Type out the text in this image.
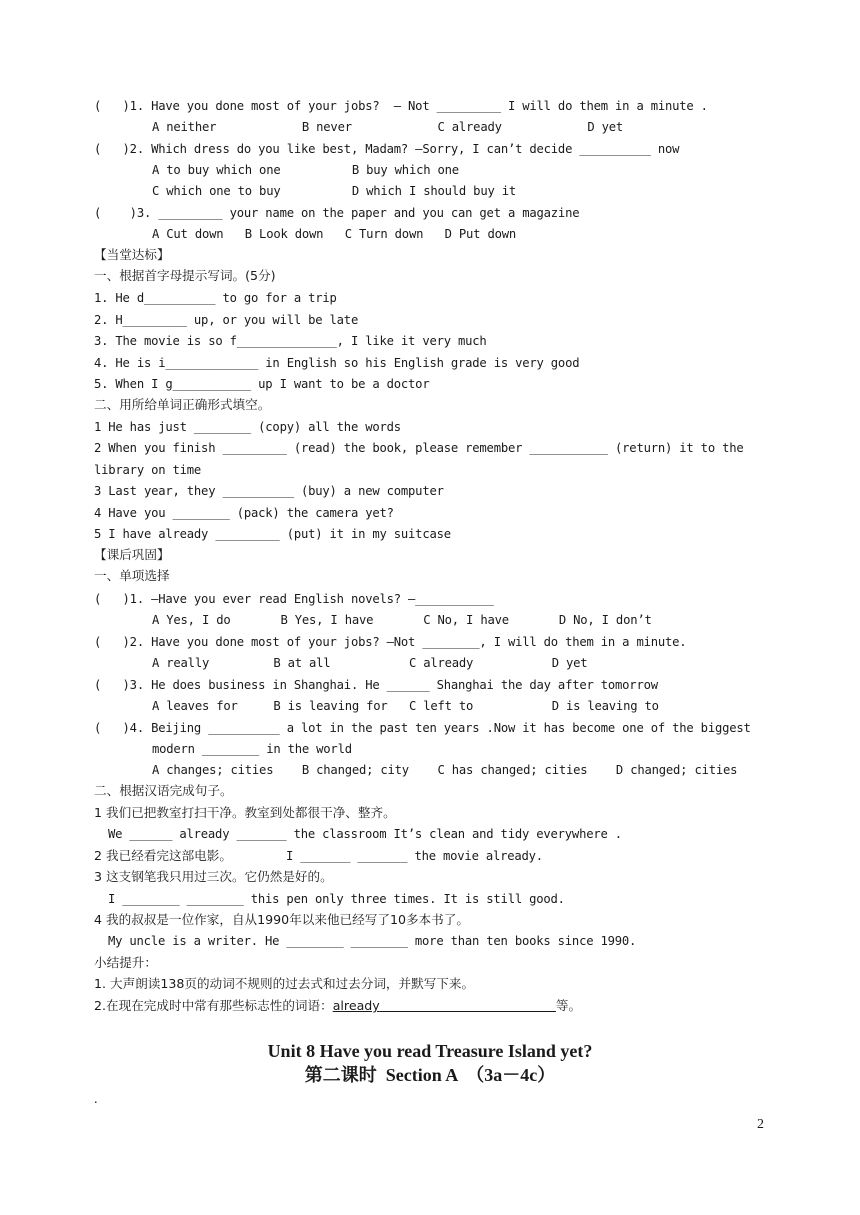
(   )1. Have you done most of your jobs?  — Not _________ I will do them in a minute .
A neither            B never            C already            D yet
(   )2. Which dress do you like best, Madam? —Sorry, I can’t decide __________ now
A to buy which one          B buy which one
C which one to buy          D which I should buy it
(    )3. _________ your name on the paper and you can get a magazine
A Cut down   B Look down   C Turn down   D Put down
【当堂达标】
一、根据首字母提示写词。(5分)
1. He d__________ to go for a trip
2. H_________ up, or you will be late
3. The movie is so f______________, I like it very much
4. He is i_____________ in English so his English grade is very good
5. When I g___________ up I want to be a doctor
二、用所给单词正确形式填空。
1 He has just ________ (copy) all the words
2 When you finish _________ (read) the book, please remember ___________ (return) it to the
library on time
3 Last year, they __________ (buy) a new computer
4 Have you ________ (pack) the camera yet?
5 I have already _________ (put) it in my suitcase
【课后巩固】
一、单项选择
(   )1. —Have you ever read English novels? —___________
A Yes, I do       B Yes, I have       C No, I have       D No, I don’t
(   )2. Have you done most of your jobs? —Not ________, I will do them in a minute.
A really         B at all           C already           D yet
(   )3. He does business in Shanghai. He ______ Shanghai the day after tomorrow
A leaves for     B is leaving for   C left to           D is leaving to
(   )4. Beijing __________ a lot in the past ten years .Now it has become one of the biggest
modern ________ in the world
A changes; cities    B changed; city    C has changed; cities    D changed; cities
二、根据汉语完成句子。
1 我们已把教室打扫干净。教室到处都很干净、整齐。
We ______ already _______ the classroom It’s clean and tidy everywhere .
2 我已经看完这部电影。	I _______ _______ the movie already.
3 这支钢笔我只用过三次。它仍然是好的。
I ________ ________ this pen only three times. It is still good.
4 我的叔叔是一位作家，自从1990年以来他已经写了10多本书了。
My uncle is a writer. He ________ ________ more than ten books since 1990.
小结提升：
1. 大声朗读138页的动词不规则的过去式和过去分词，并默写下来。
2.在现在完成时中常有那些标志性的词语：already	等。
Unit 8 Have you read Treasure Island yet?
第二课时  Section A  （3a－4c）
.
2
